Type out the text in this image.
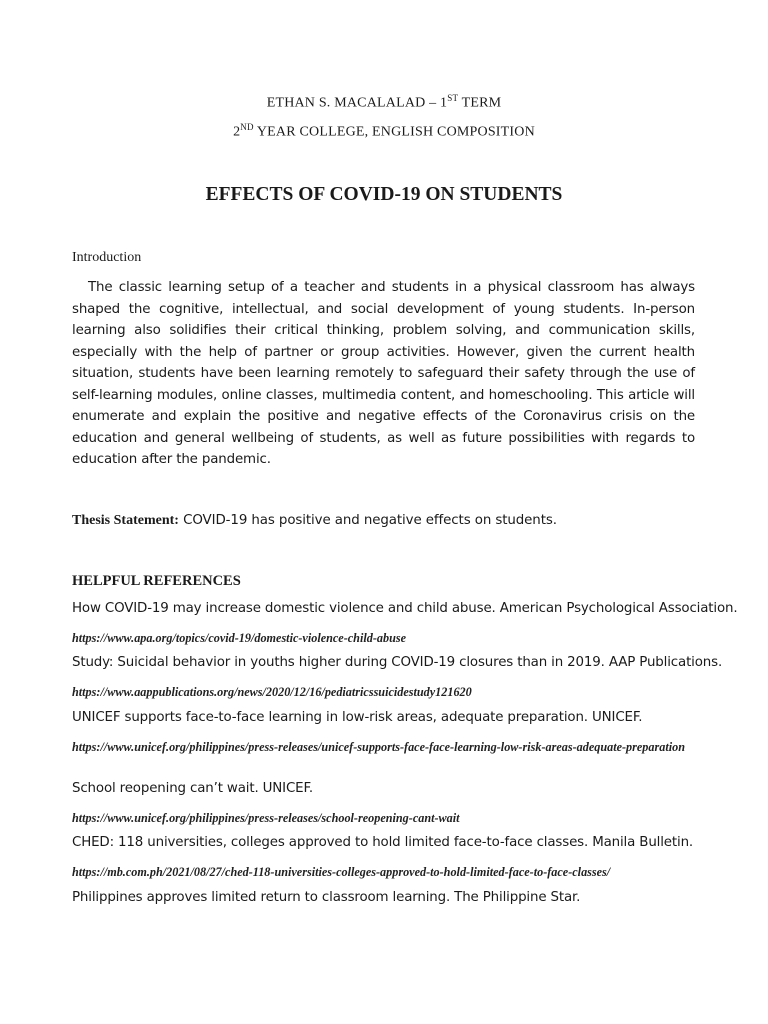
ETHAN S. MACALALAD – 1ST TERM
2ND YEAR COLLEGE, ENGLISH COMPOSITION
EFFECTS OF COVID-19 ON STUDENTS
Introduction
The classic learning setup of a teacher and students in a physical classroom has always shaped the cognitive, intellectual, and social development of young students. In-person learning also solidifies their critical thinking, problem solving, and communication skills, especially with the help of partner or group activities. However, given the current health situation, students have been learning remotely to safeguard their safety through the use of self-learning modules, online classes, multimedia content, and homeschooling. This article will enumerate and explain the positive and negative effects of the Coronavirus crisis on the education and general wellbeing of students, as well as future possibilities with regards to education after the pandemic.
Thesis Statement: COVID-19 has positive and negative effects on students.
HELPFUL REFERENCES
How COVID-19 may increase domestic violence and child abuse. American Psychological Association.
https://www.apa.org/topics/covid-19/domestic-violence-child-abuse
Study: Suicidal behavior in youths higher during COVID-19 closures than in 2019. AAP Publications.
https://www.aappublications.org/news/2020/12/16/pediatricssuicidestudy121620
UNICEF supports face-to-face learning in low-risk areas, adequate preparation. UNICEF.
https://www.unicef.org/philippines/press-releases/unicef-supports-face-face-learning-low-risk-areas-adequate-preparation
School reopening can’t wait. UNICEF.
https://www.unicef.org/philippines/press-releases/school-reopening-cant-wait
CHED: 118 universities, colleges approved to hold limited face-to-face classes. Manila Bulletin.
https://mb.com.ph/2021/08/27/ched-118-universities-colleges-approved-to-hold-limited-face-to-face-classes/
Philippines approves limited return to classroom learning. The Philippine Star.
